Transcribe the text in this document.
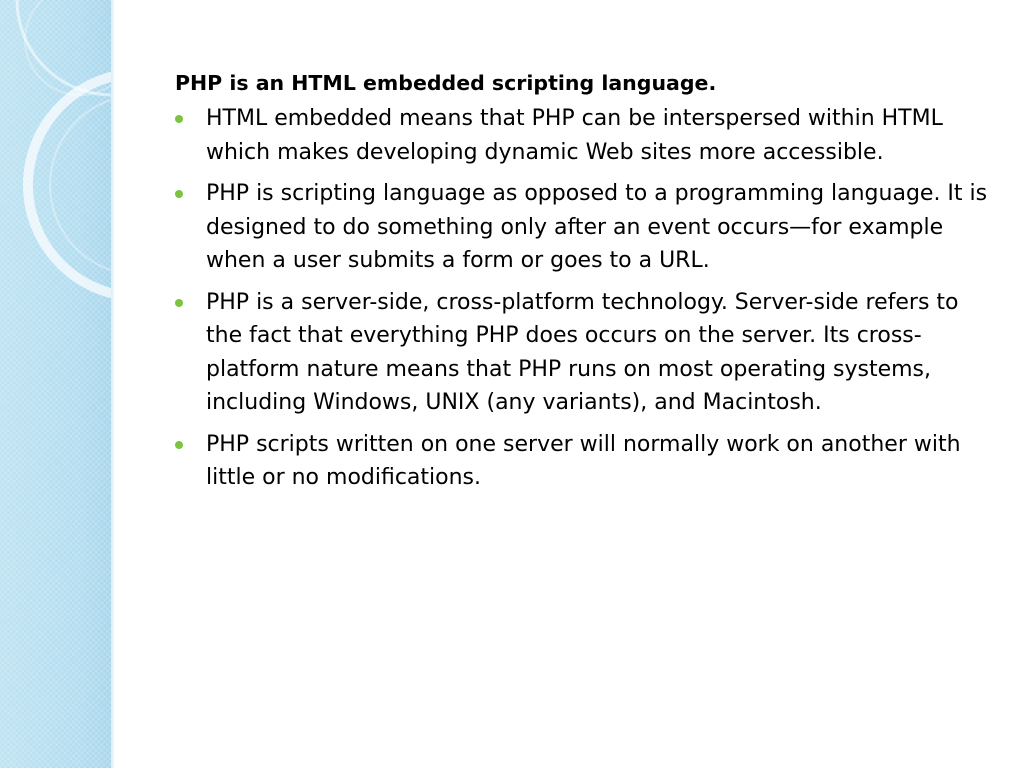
PHP is an HTML embedded scripting language.
HTML embedded means that PHP can be interspersed within HTML which makes developing dynamic Web sites more accessible.
PHP is scripting language as opposed to a programming language. It is designed to do something only after an event occurs—for example when a user submits a form or goes to a URL.
PHP is a server-side, cross-platform technology. Server-side refers to the fact that everything PHP does occurs on the server. Its cross-platform nature means that PHP runs on most operating systems, including Windows, UNIX (any variants), and Macintosh.
PHP scripts written on one server will normally work on another with little or no modifications.
